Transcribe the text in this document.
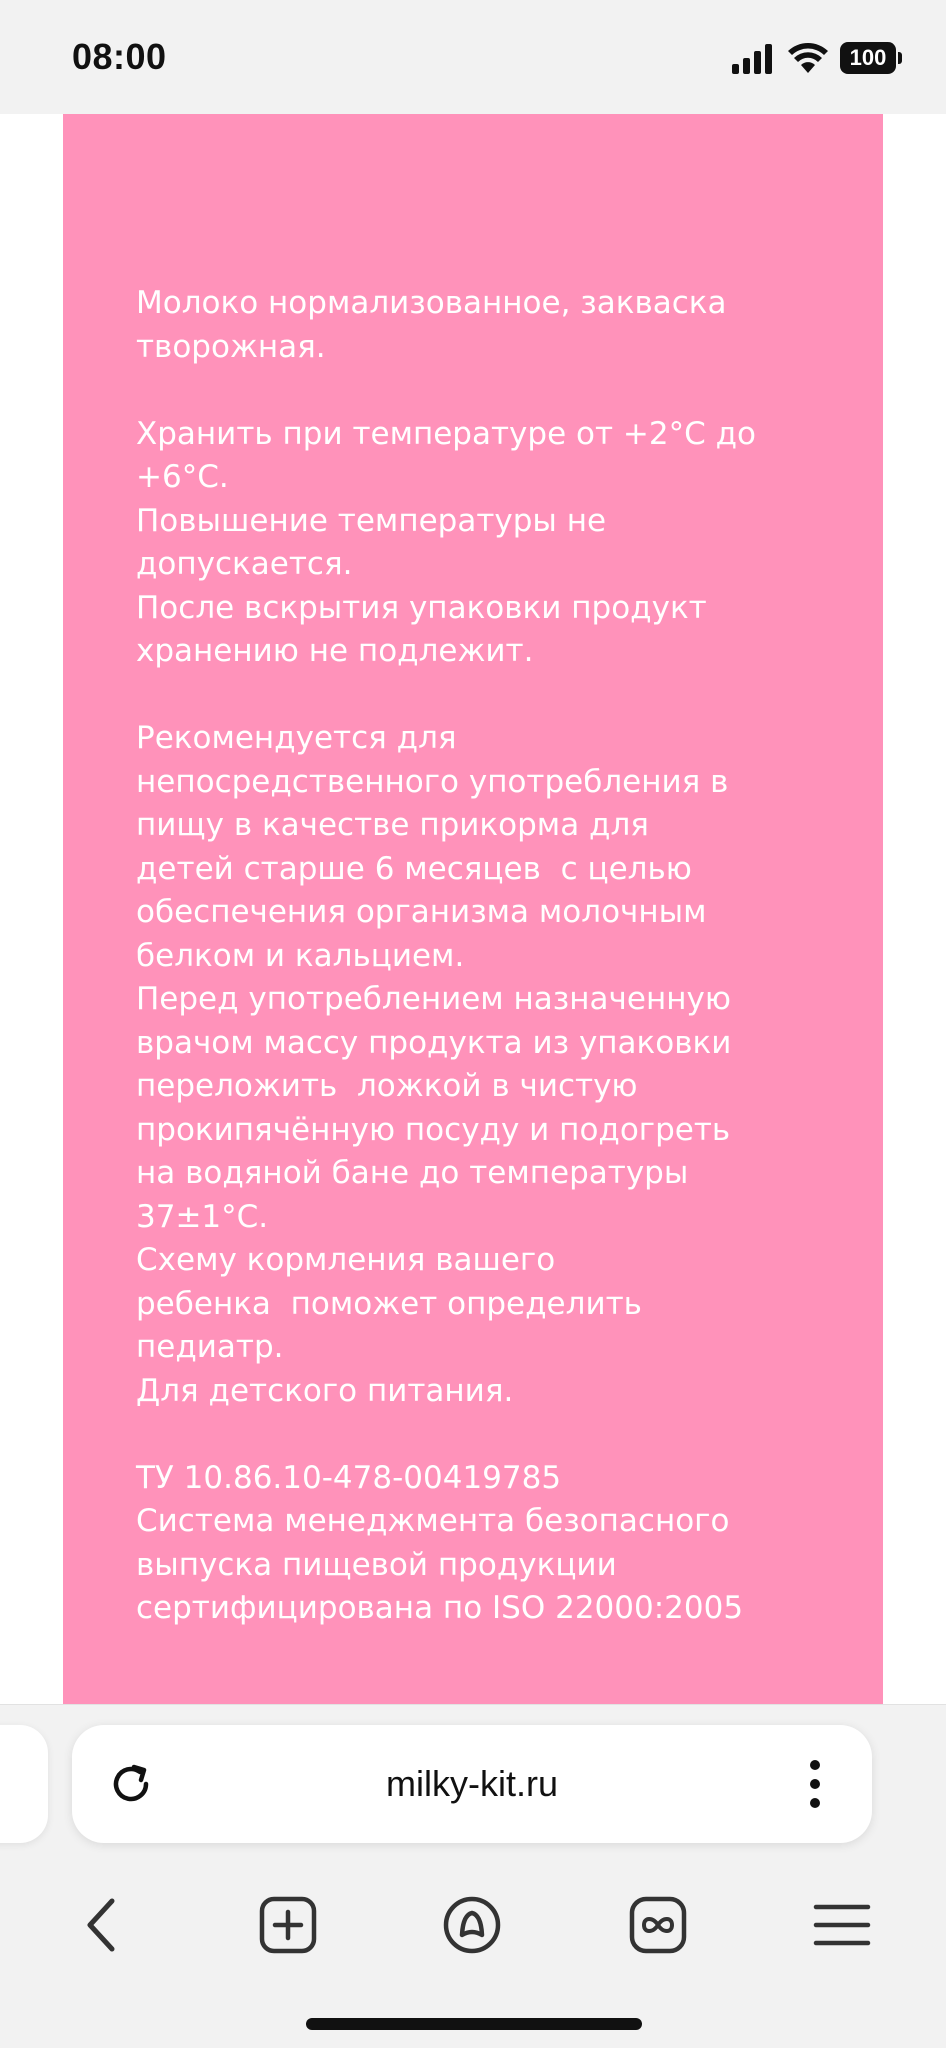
08:00	100

Молоко нормализованное, закваска

творожная.

Хранить при температуре от +2°С до

+6°С.

Повышение температуры не

допускается.

После вскрытия упаковки продукт

хранению не подлежит.

Рекомендуется для

непосредственного употребления в

пищу в качестве прикорма для

детей старше 6 месяцев  с целью

обеспечения организма молочным

белком и кальцием.

Перед употреблением назначенную

врачом массу продукта из упаковки

переложить  ложкой в чистую

прокипячённую посуду и подогреть

на водяной бане до температуры

37±1°С.

Схему кормления вашего

ребенка  поможет определить

педиатр.

Для детского питания.

ТУ 10.86.10-478-00419785

Система менеджмента безопасного

выпуска пищевой продукции

сертифицирована по ISO 22000:2005

milky-kit.ru
